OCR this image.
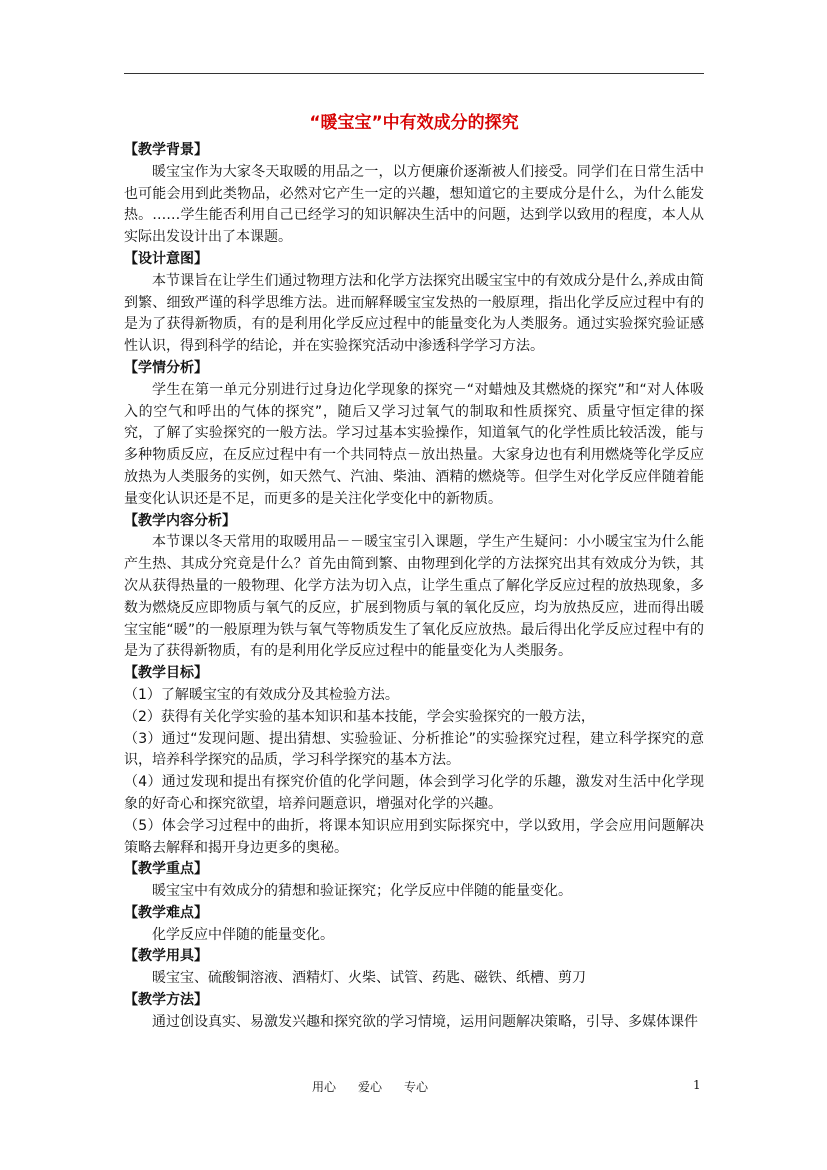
“暖宝宝”中有效成分的探究
【教学背景】
暖宝宝作为大家冬天取暖的用品之一，以方便廉价逐渐被人们接受。同学们在日常生活中也可能会用到此类物品，必然对它产生一定的兴趣，想知道它的主要成分是什么，为什么能发热。……学生能否利用自己已经学习的知识解决生活中的问题，达到学以致用的程度，本人从实际出发设计出了本课题。
【设计意图】
本节课旨在让学生们通过物理方法和化学方法探究出暖宝宝中的有效成分是什么,养成由简到繁、细致严谨的科学思维方法。进而解释暖宝宝发热的一般原理，指出化学反应过程中有的是为了获得新物质，有的是利用化学反应过程中的能量变化为人类服务。通过实验探究验证感性认识，得到科学的结论，并在实验探究活动中渗透科学学习方法。
【学情分析】
学生在第一单元分别进行过身边化学现象的探究－“对蜡烛及其燃烧的探究”和“对人体吸入的空气和呼出的气体的探究”，随后又学习过氧气的制取和性质探究、质量守恒定律的探究，了解了实验探究的一般方法。学习过基本实验操作，知道氧气的化学性质比较活泼，能与多种物质反应，在反应过程中有一个共同特点－放出热量。大家身边也有利用燃烧等化学反应放热为人类服务的实例，如天然气、汽油、柴油、酒精的燃烧等。但学生对化学反应伴随着能量变化认识还是不足，而更多的是关注化学变化中的新物质。
【教学内容分析】
本节课以冬天常用的取暖用品－－暖宝宝引入课题，学生产生疑问：小小暖宝宝为什么能产生热、其成分究竟是什么？首先由简到繁、由物理到化学的方法探究出其有效成分为铁，其次从获得热量的一般物理、化学方法为切入点，让学生重点了解化学反应过程的放热现象，多数为燃烧反应即物质与氧气的反应，扩展到物质与氧的氧化反应，均为放热反应，进而得出暖宝宝能“暖”的一般原理为铁与氧气等物质发生了氧化反应放热。最后得出化学反应过程中有的是为了获得新物质，有的是利用化学反应过程中的能量变化为人类服务。
【教学目标】
（1）了解暖宝宝的有效成分及其检验方法。
（2）获得有关化学实验的基本知识和基本技能，学会实验探究的一般方法，
（3）通过“发现问题、提出猜想、实验验证、分析推论”的实验探究过程，建立科学探究的意识，培养科学探究的品质，学习科学探究的基本方法。
（4）通过发现和提出有探究价值的化学问题，体会到学习化学的乐趣，激发对生活中化学现象的好奇心和探究欲望，培养问题意识，增强对化学的兴趣。
（5）体会学习过程中的曲折，将课本知识应用到实际探究中，学以致用，学会应用问题解决策略去解释和揭开身边更多的奥秘。
【教学重点】
暖宝宝中有效成分的猜想和验证探究；化学反应中伴随的能量变化。
【教学难点】
化学反应中伴随的能量变化。
【教学用具】
暖宝宝、硫酸铜溶液、酒精灯、火柴、试管、药匙、磁铁、纸槽、剪刀
【教学方法】
通过创设真实、易激发兴趣和探究欲的学习情境，运用问题解决策略，引导、多媒体课件
用心 爱心 专心	1
